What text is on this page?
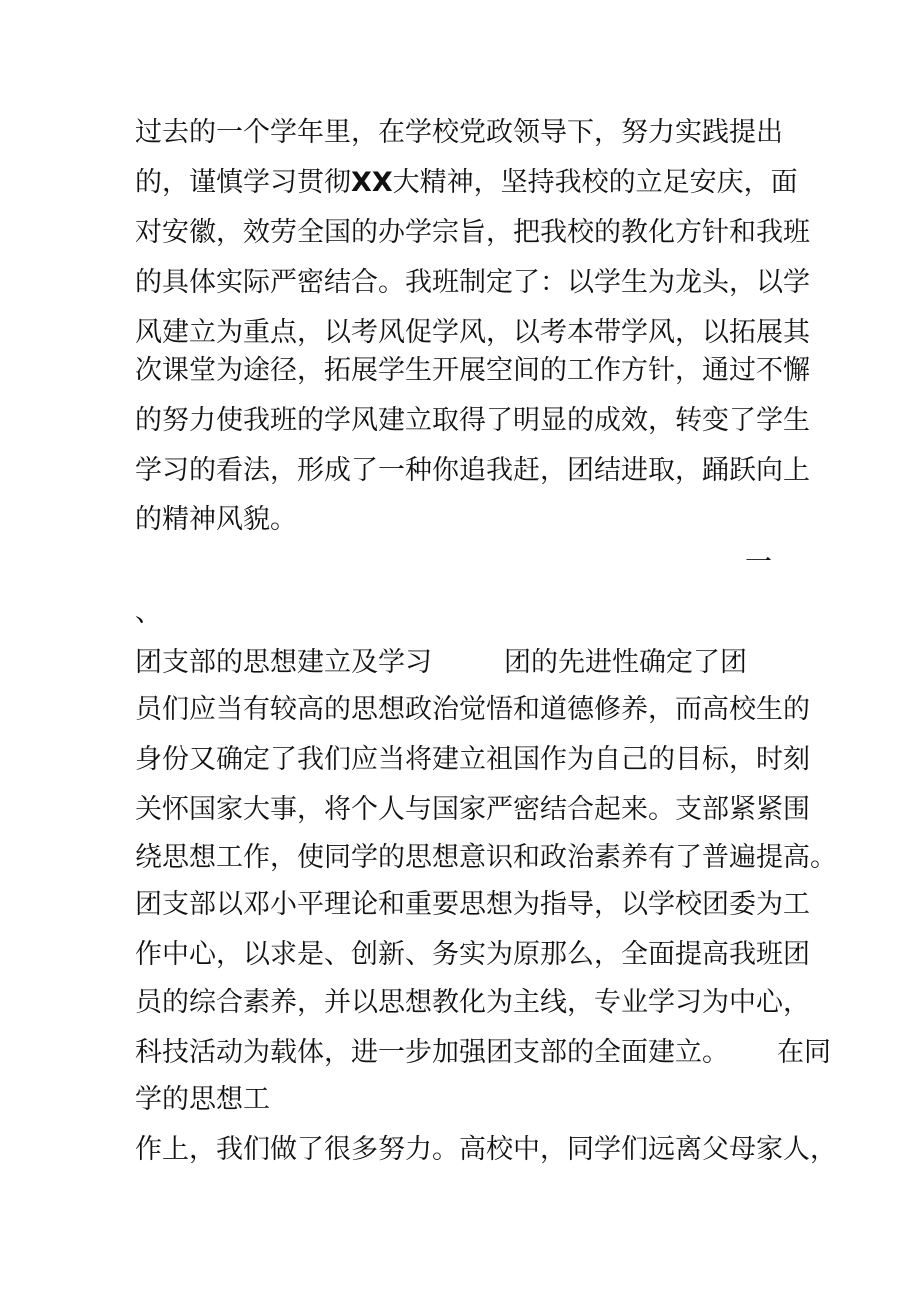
过去的一个学年里，在学校党政领导下，努力实践提出

的，谨慎学习贯彻XX大精神，坚持我校的立足安庆，面

对安徽，效劳全国的办学宗旨，把我校的教化方针和我班

的具体实际严密结合。我班制定了：以学生为龙头，以学

风建立为重点，以考风促学风，以考本带学风，以拓展其

次课堂为途径，拓展学生开展空间的工作方针，通过不懈

的努力使我班的学风建立取得了明显的成效，转变了学生

学习的看法，形成了一种你追我赶，团结进取，踊跃向上

的精神风貌。

一

、

团支部的思想建立及学习	团的先进性确定了团

员们应当有较高的思想政治觉悟和道德修养，而高校生的

身份又确定了我们应当将建立祖国作为自己的目标，时刻

关怀国家大事，将个人与国家严密结合起来。支部紧紧围

绕思想工作，使同学的思想意识和政治素养有了普遍提高。

团支部以邓小平理论和重要思想为指导，以学校团委为工

作中心，以求是、创新、务实为原那么，全面提高我班团

员的综合素养，并以思想教化为主线，专业学习为中心，

科技活动为载体，进一步加强团支部的全面建立。 在同

学的思想工

作上，我们做了很多努力。高校中，同学们远离父母家人，
